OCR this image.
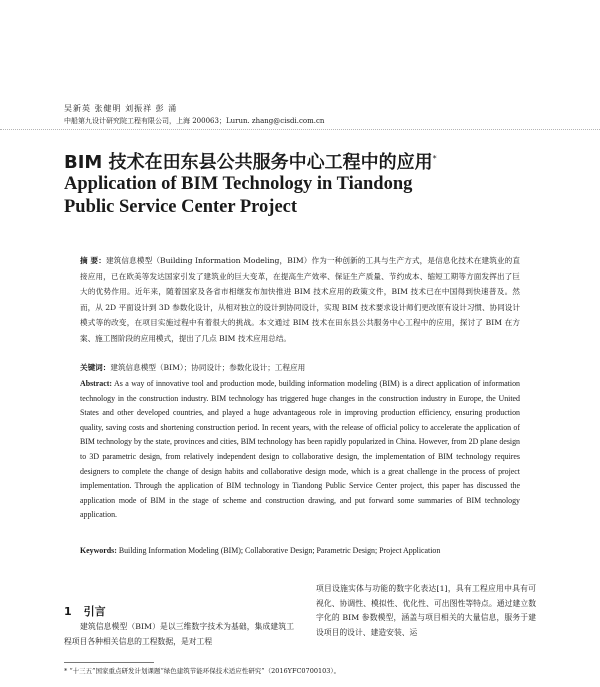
吴新英 张健明 刘振祥 彭 涌
中船第九设计研究院工程有限公司，上海 200063；Lurun. zhang@cisdi.com.cn
BIM 技术在田东县公共服务中心工程中的应用*
Application of BIM Technology in Tiandong
Public Service Center Project
摘 要：建筑信息模型（Building Information Modeling，BIM）作为一种创新的工具与生产方式，是信息化技术在建筑业的直接应用，已在欧美等发达国家引发了建筑业的巨大变革，在提高生产效率、保证生产质量、节约成本、缩短工期等方面发挥出了巨大的优势作用。近年来，随着国家及各省市相继发布加快推进 BIM 技术应用的政策文件，BIM 技术已在中国得到快速普及。然而，从 2D 平面设计到 3D 参数化设计，从相对独立的设计到协同设计，实现 BIM 技术要求设计师们更改原有设计习惯、协同设计模式等的改变，在项目实施过程中有着很大的挑战。本文通过 BIM 技术在田东县公共服务中心工程中的应用，探讨了 BIM 在方案、施工图阶段的应用模式，提出了几点 BIM 技术应用总结。
关键词：建筑信息模型（BIM）；协同设计；参数化设计；工程应用
Abstract: As a way of innovative tool and production mode, building information modeling (BIM) is a direct application of information technology in the construction industry. BIM technology has triggered huge changes in the construction industry in Europe, the United States and other developed countries, and played a huge advantageous role in improving production efficiency, ensuring production quality, saving costs and shortening construction period. In recent years, with the release of official policy to accelerate the application of BIM technology by the state, provinces and cities, BIM technology has been rapidly popularized in China. However, from 2D plane design to 3D parametric design, from relatively independent design to collaborative design, the implementation of BIM technology requires designers to complete the change of design habits and collaborative design mode, which is a great challenge in the process of project implementation. Through the application of BIM technology in Tiandong Public Service Center project, this paper has discussed the application mode of BIM in the stage of scheme and construction drawing, and put forward some summaries of BIM technology application.
Keywords: Building Information Modeling (BIM); Collaborative Design; Parametric Design; Project Application
1 引言
建筑信息模型（BIM）是以三维数字技术为基础，集成建筑工程项目各种相关信息的工程数据，是对工程
项目设施实体与功能的数字化表达[1]，具有工程应用中具有可视化、协调性、模拟性、优化性、可出图性等特点。通过建立数字化的 BIM 参数模型，涵盖与项目相关的大量信息，服务于建设项目的设计、建造安装、运
* “十三五”国家重点研发计划课题“绿色建筑节能环保技术适应性研究”（2016YFC0700103）。
